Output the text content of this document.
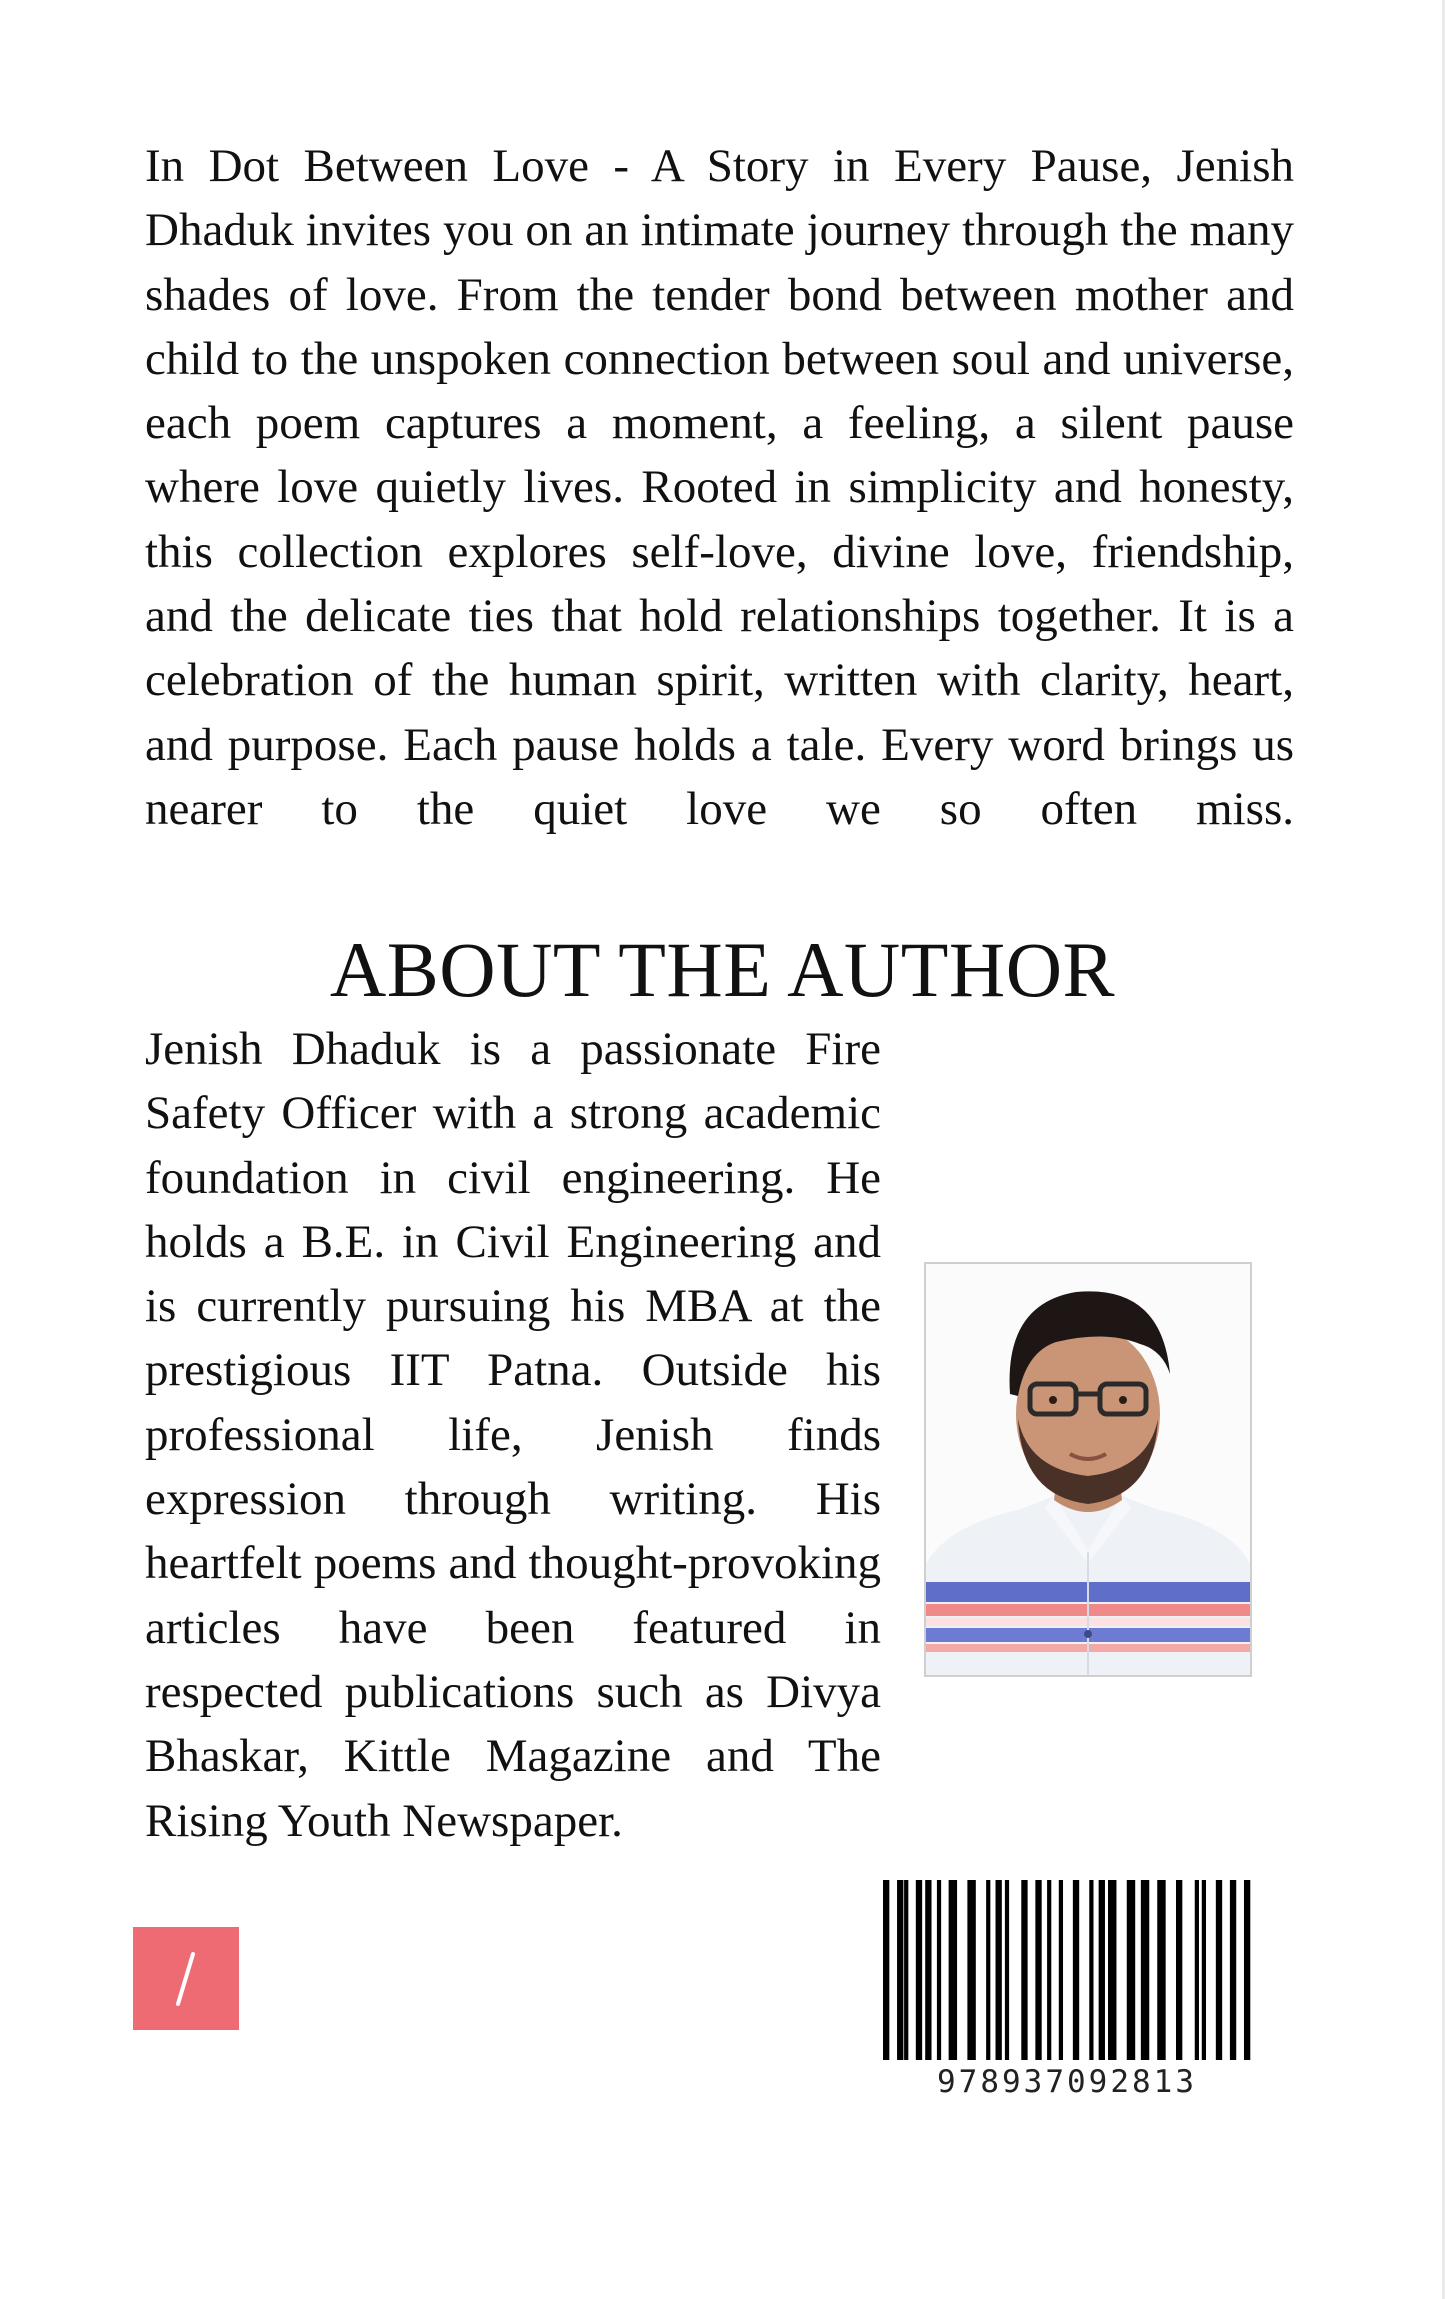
In Dot Between Love - A Story in Every Pause, Jenish Dhaduk invites you on an intimate journey through the many shades of love. From the tender bond between mother and child to the unspoken connection between soul and universe, each poem captures a moment, a feeling, a silent pause where love quietly lives. Rooted in simplicity and honesty, this collection explores self-love, divine love, friendship, and the delicate ties that hold relationships together. It is a celebration of the human spirit, written with clarity, heart, and purpose. Each pause holds a tale. Every word brings us nearer to the quiet love we so often miss.

ABOUT THE AUTHOR

Jenish Dhaduk is a passionate Fire Safety Officer with a strong academic foundation in civil engineering. He holds a B.E. in Civil Engineering and is currently pursuing his MBA at the prestigious IIT Patna. Outside his professional life, Jenish finds expression through writing. His heartfelt poems and thought-provoking articles have been featured in respected publications such as Divya Bhaskar, Kittle Magazine and The Rising Youth Newspaper.

978937092813
